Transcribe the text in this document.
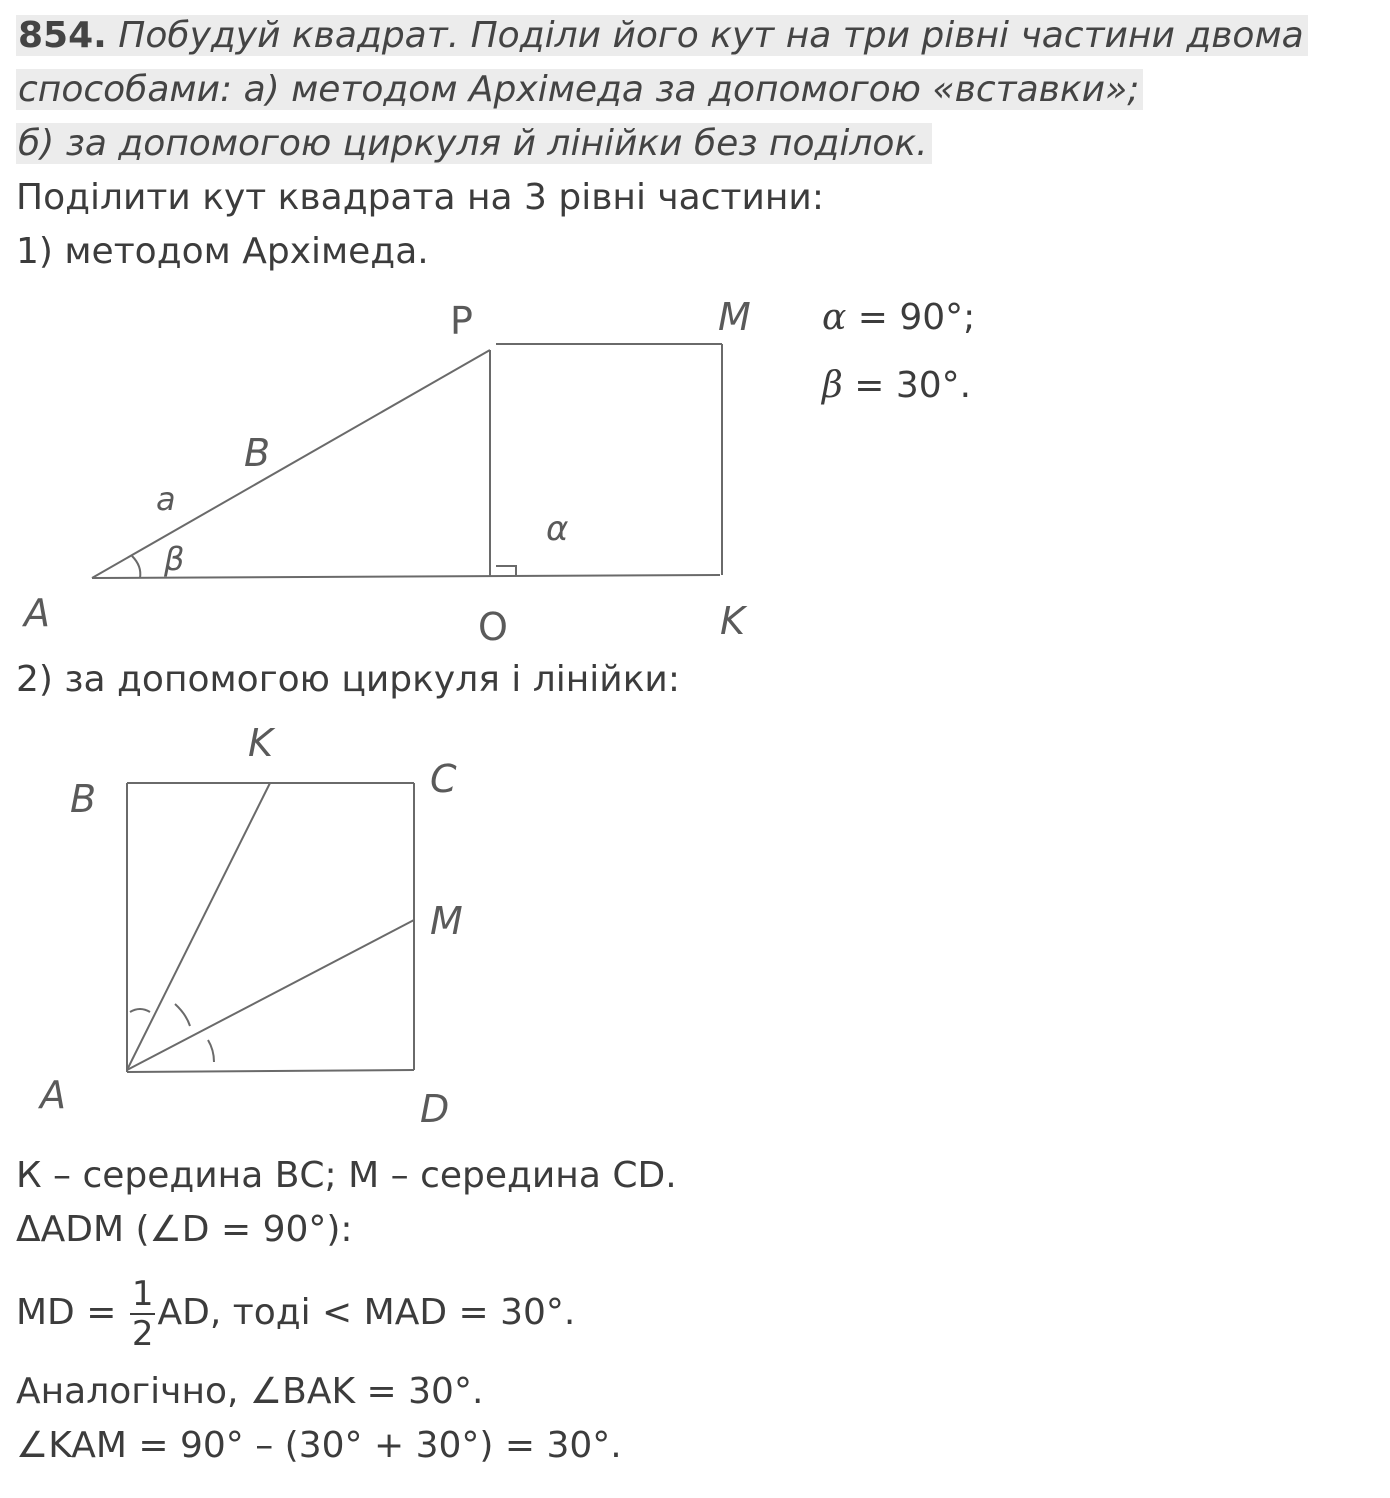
854. Побудуй квадрат. Поділи його кут на три рівні частини двома
способами: а) методом Архімеда за допомогою «вставки»;
б) за допомогою циркуля й лінійки без поділок.
Поділити кут квадрата на 3 рівні частини:
1) методом Архімеда.
α = 90°;
β = 30°.
2) за допомогою циркуля і лінійки:
P	M
B
a
β
α
A	O	K
K
B	C
M
A	D
К – середина ВС; М – середина CD.
ΔADM (∠D = 90°):
MD = $\frac{1}{2}$ AD, тоді < MAD = 30°.
Аналогічно, ∠BAK = 30°.
∠KAM = 90° – (30° + 30°) = 30°.
